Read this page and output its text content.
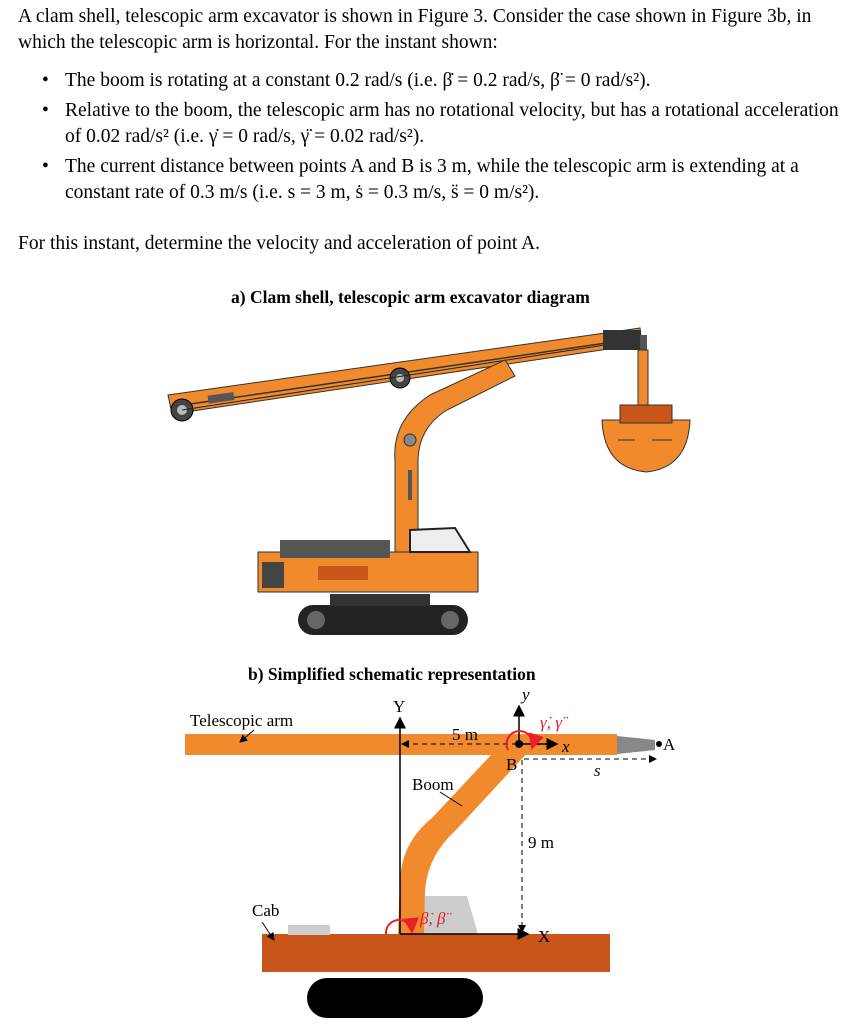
A clam shell, telescopic arm excavator is shown in Figure 3. Consider the case shown in Figure 3b, in which the telescopic arm is horizontal. For the instant shown:
• The boom is rotating at a constant 0.2 rad/s (i.e. β̇ = 0.2 rad/s, β̈ = 0 rad/s²).
• Relative to the boom, the telescopic arm has no rotational velocity, but has a rotational acceleration of 0.02 rad/s² (i.e. γ̇ = 0 rad/s, γ̈ = 0.02 rad/s²).
• The current distance between points A and B is 3 m, while the telescopic arm is extending at a constant rate of 0.3 m/s (i.e. s = 3 m, ṡ = 0.3 m/s, s̈ = 0 m/s²).
For this instant, determine the velocity and acceleration of point A.
a) Clam shell, telescopic arm excavator diagram
b) Simplified schematic representation
Telescopic arm
Boom
Cab
Y
X
y
x
5 m
9 m
s
A
B
γ̇, γ̈
β̇, β̈
